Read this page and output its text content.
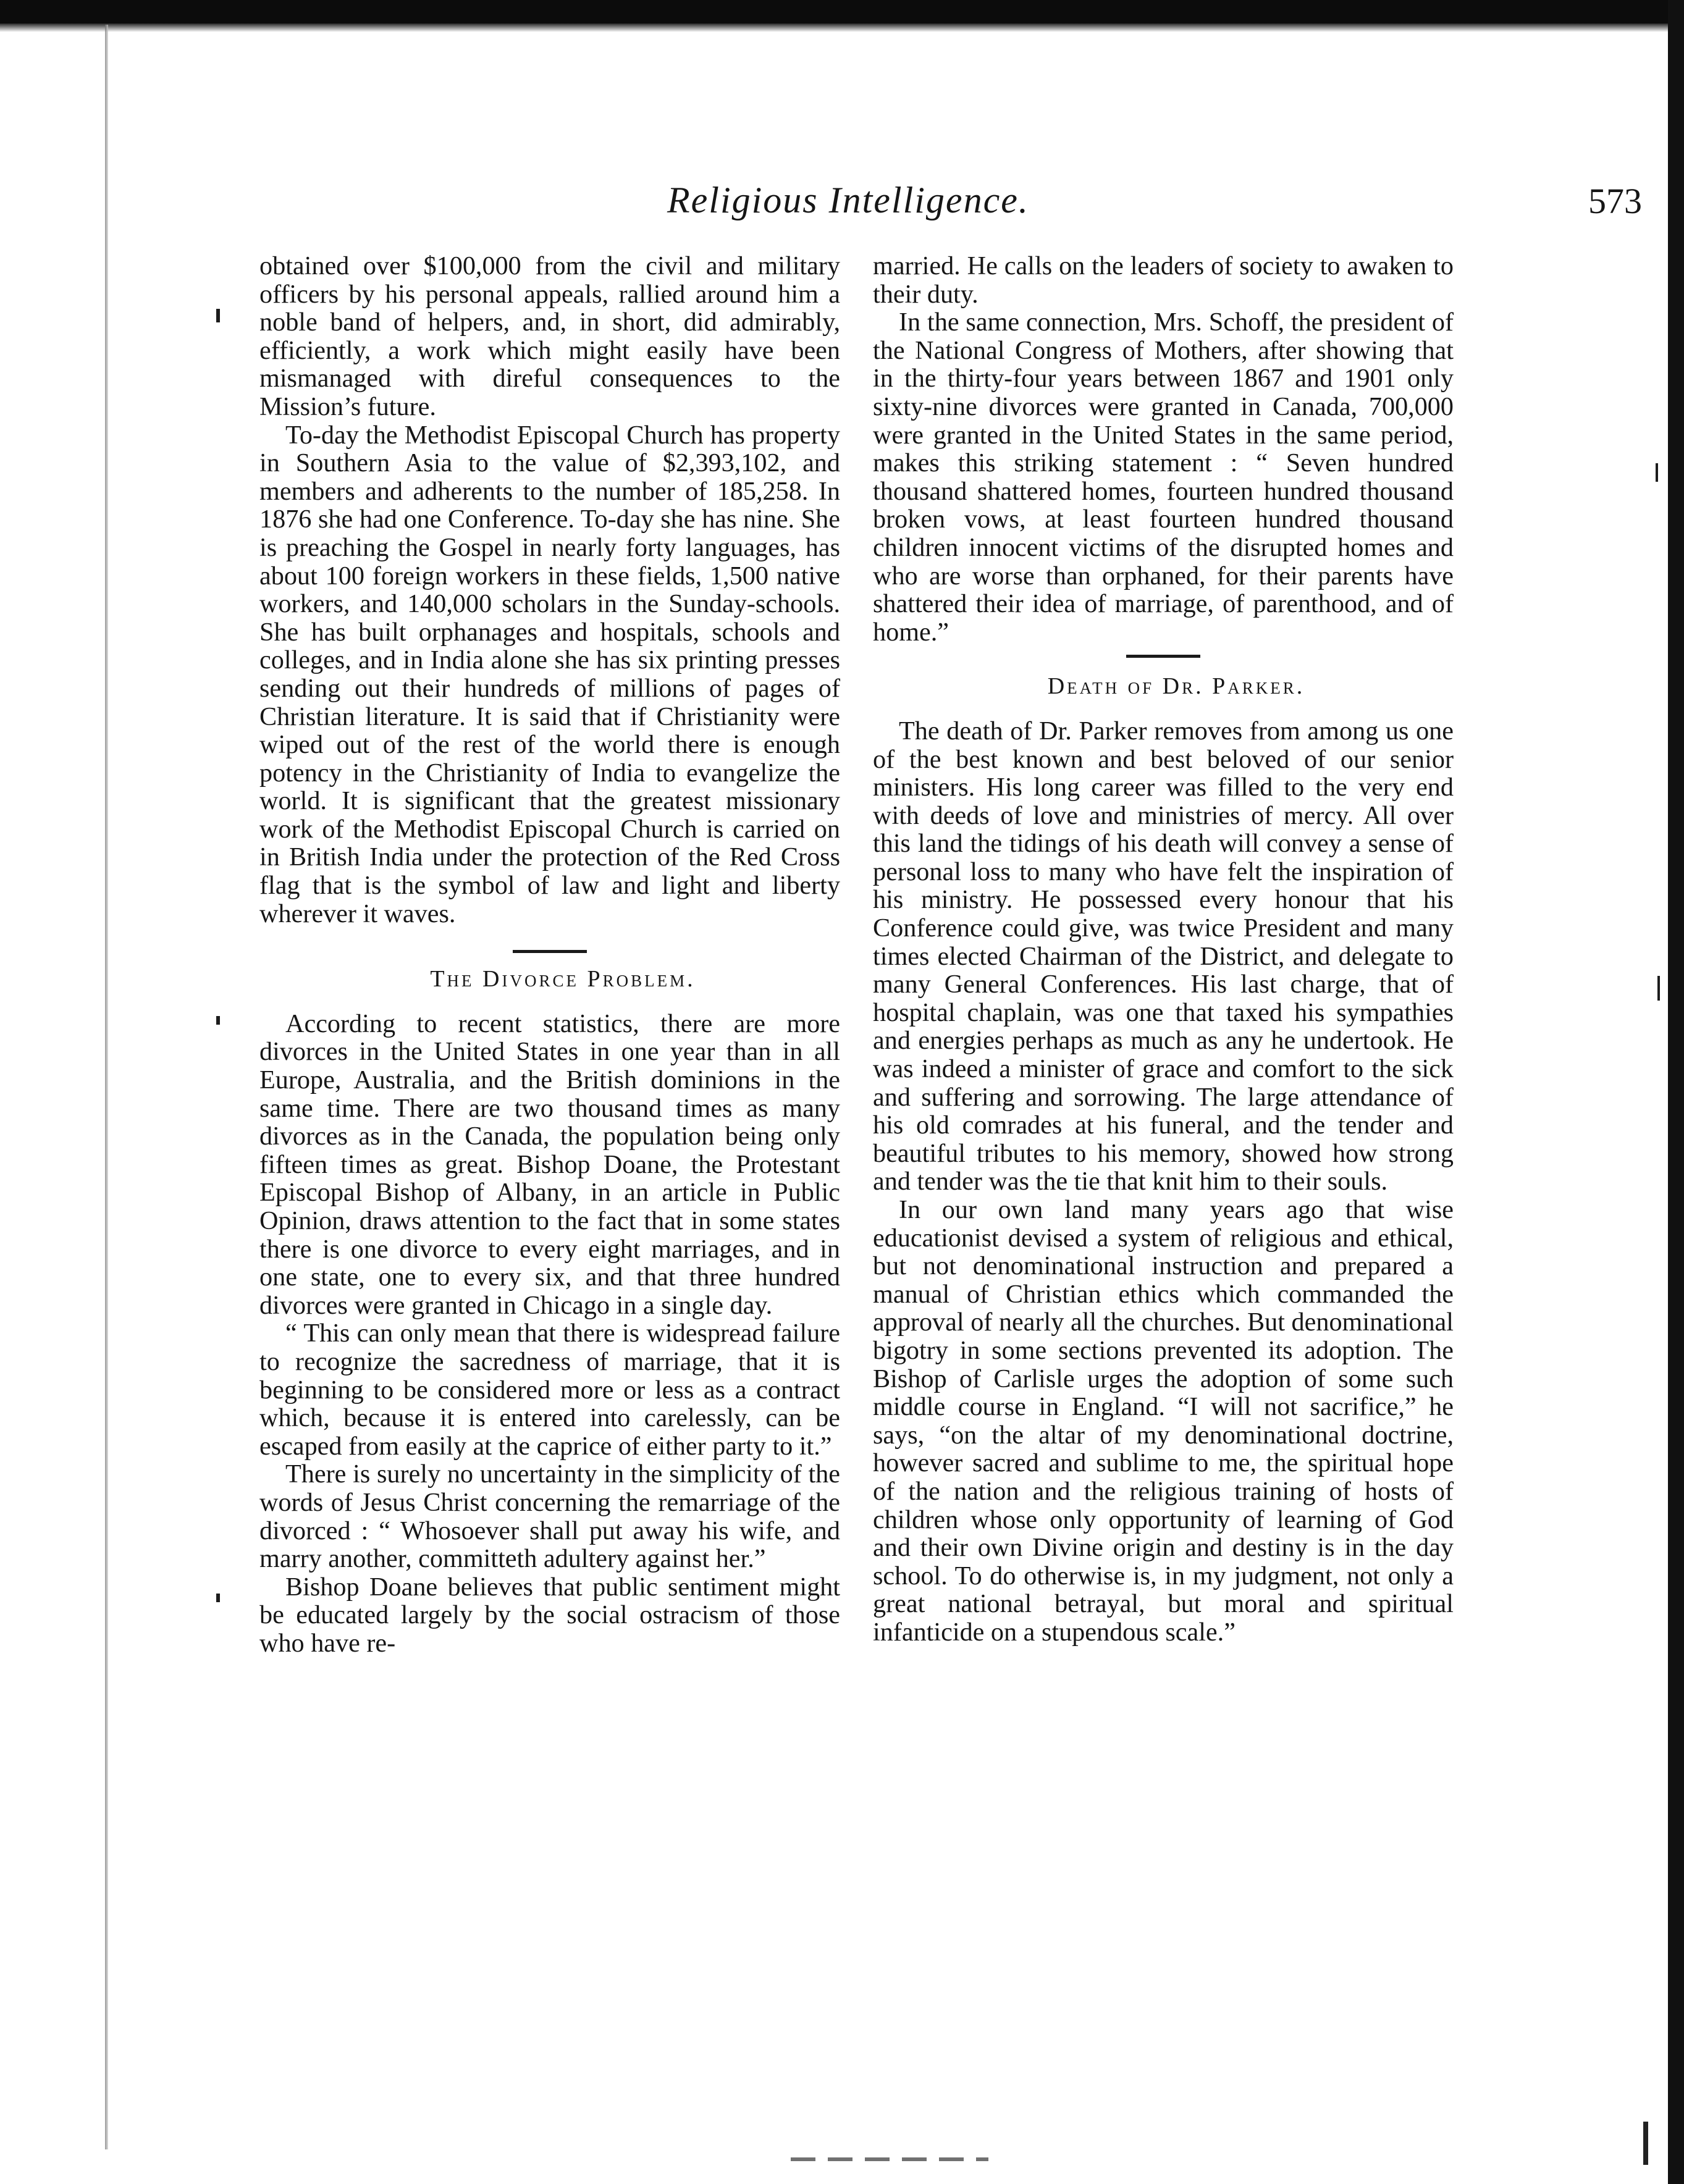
Religious Intelligence.	573

obtained over $100,000 from the civil and military officers by his personal appeals, rallied around him a noble band of helpers, and, in short, did admirably, efficiently, a work which might easily have been mismanaged with direful consequences to the Mission’s future.

To-day the Methodist Episcopal Church has property in Southern Asia to the value of $2,393,102, and members and adherents to the number of 185,258. In 1876 she had one Conference. To-day she has nine. She is preaching the Gospel in nearly forty languages, has about 100 foreign workers in these fields, 1,500 native workers, and 140,000 scholars in the Sunday-schools. She has built orphanages and hospitals, schools and colleges, and in India alone she has six printing presses sending out their hundreds of millions of pages of Christian literature. It is said that if Christianity were wiped out of the rest of the world there is enough potency in the Christianity of India to evangelize the world. It is significant that the greatest missionary work of the Methodist Episcopal Church is carried on in British India under the protection of the Red Cross flag that is the symbol of law and light and liberty wherever it waves.

The Divorce Problem.

According to recent statistics, there are more divorces in the United States in one year than in all Europe, Australia, and the British dominions in the same time. There are two thousand times as many divorces as in the Canada, the population being only fifteen times as great. Bishop Doane, the Protestant Episcopal Bishop of Albany, in an article in Public Opinion, draws attention to the fact that in some states there is one divorce to every eight marriages, and in one state, one to every six, and that three hundred divorces were granted in Chicago in a single day.

“ This can only mean that there is widespread failure to recognize the sacredness of marriage, that it is beginning to be considered more or less as a contract which, because it is entered into carelessly, can be escaped from easily at the caprice of either party to it.”

There is surely no uncertainty in the simplicity of the words of Jesus Christ concerning the remarriage of the divorced : “ Whosoever shall put away his wife, and marry another, committeth adultery against her.”

Bishop Doane believes that public sentiment might be educated largely by the social ostracism of those who have re-

married. He calls on the leaders of society to awaken to their duty.

In the same connection, Mrs. Schoff, the president of the National Congress of Mothers, after showing that in the thirty-four years between 1867 and 1901 only sixty-nine divorces were granted in Canada, 700,000 were granted in the United States in the same period, makes this striking statement : “ Seven hundred thousand shattered homes, fourteen hundred thousand broken vows, at least fourteen hundred thousand children innocent victims of the disrupted homes and who are worse than orphaned, for their parents have shattered their idea of marriage, of parenthood, and of home.”

Death of Dr. Parker.

The death of Dr. Parker removes from among us one of the best known and best beloved of our senior ministers. His long career was filled to the very end with deeds of love and ministries of mercy. All over this land the tidings of his death will convey a sense of personal loss to many who have felt the inspiration of his ministry. He possessed every honour that his Conference could give, was twice President and many times elected Chairman of the District, and delegate to many General Conferences. His last charge, that of hospital chaplain, was one that taxed his sympathies and energies perhaps as much as any he undertook. He was indeed a minister of grace and comfort to the sick and suffering and sorrowing. The large attendance of his old comrades at his funeral, and the tender and beautiful tributes to his memory, showed how strong and tender was the tie that knit him to their souls.

In our own land many years ago that wise educationist devised a system of religious and ethical, but not denominational instruction and prepared a manual of Christian ethics which commanded the approval of nearly all the churches. But denominational bigotry in some sections prevented its adoption. The Bishop of Carlisle urges the adoption of some such middle course in England. “I will not sacrifice,” he says, “on the altar of my denominational doctrine, however sacred and sublime to me, the spiritual hope of the nation and the religious training of hosts of children whose only opportunity of learning of God and their own Divine origin and destiny is in the day school. To do otherwise is, in my judgment, not only a great national betrayal, but moral and spiritual infanticide on a stupendous scale.”
